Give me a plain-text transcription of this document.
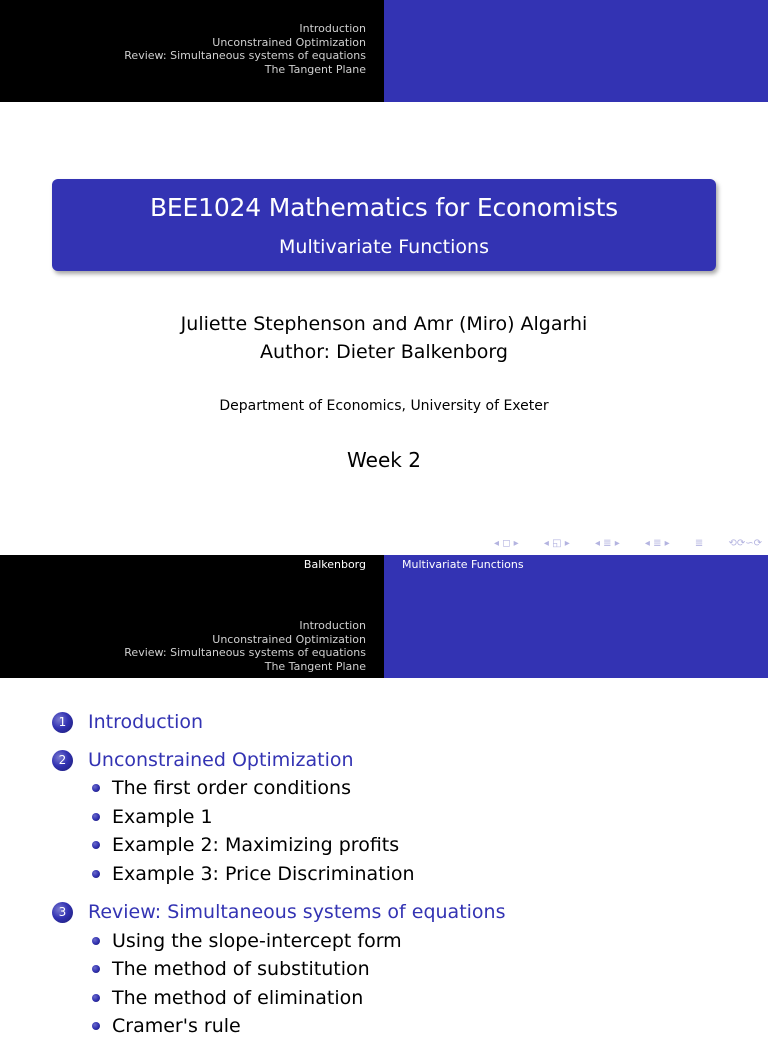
Introduction
Unconstrained Optimization
Review: Simultaneous systems of equations
The Tangent Plane
BEE1024 Mathematics for Economists
Multivariate Functions
Juliette Stephenson and Amr (Miro) Algarhi
Author: Dieter Balkenborg
Department of Economics, University of Exeter
Week 2
◂ ◻ ▸	◂ ◱ ▸	◂ ≣ ▸	◂ ≣ ▸	≣	⟲⟳∽⟳
Balkenborg	Multivariate Functions
Introduction
Unconstrained Optimization
Review: Simultaneous systems of equations
The Tangent Plane
1	Introduction
2	Unconstrained Optimization
The first order conditions
Example 1
Example 2: Maximizing profits
Example 3: Price Discrimination
3	Review: Simultaneous systems of equations
Using the slope-intercept form
The method of substitution
The method of elimination
Cramer's rule
